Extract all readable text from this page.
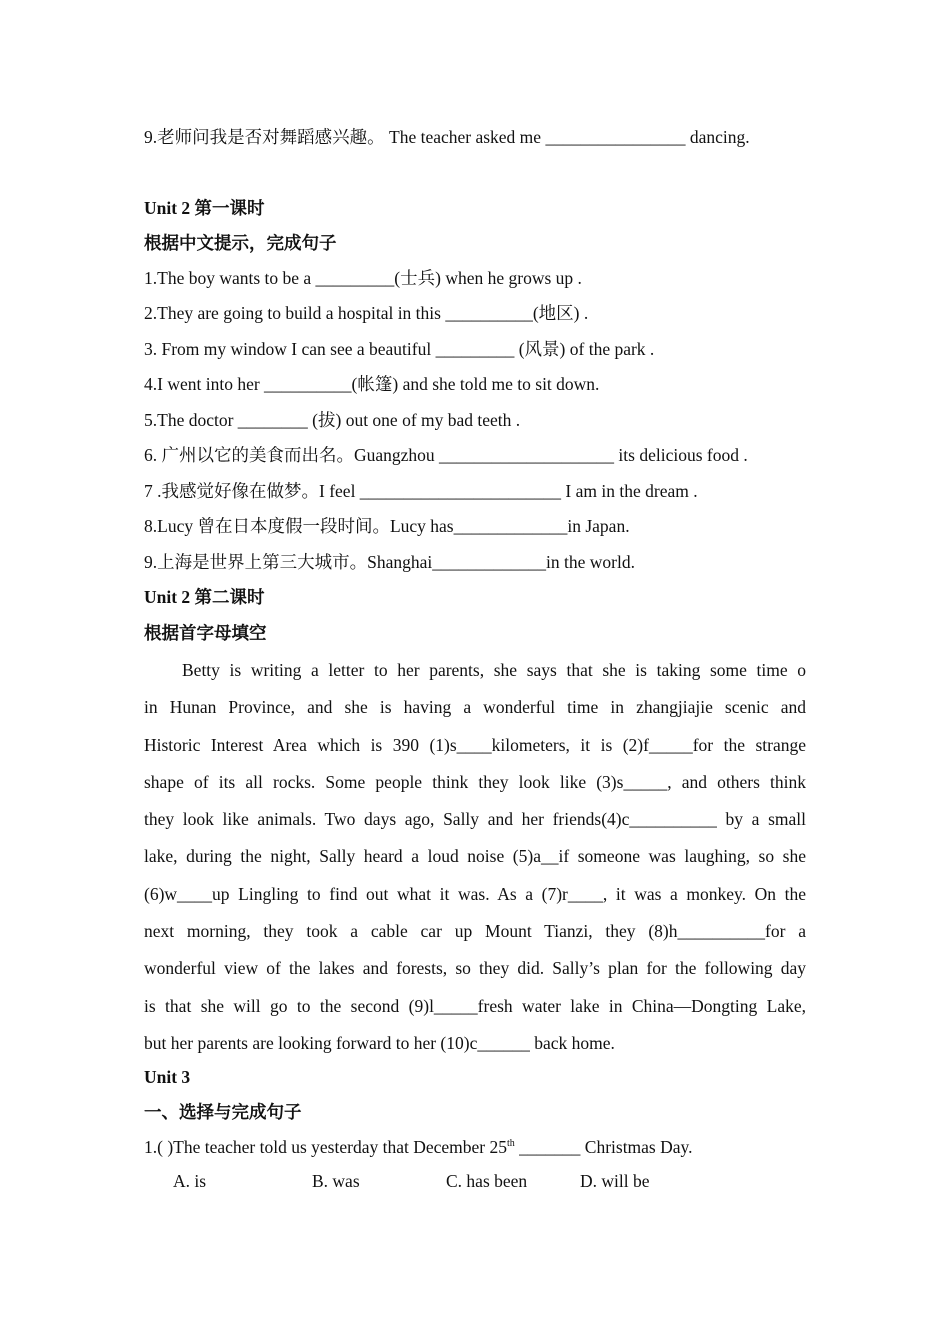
9.老师问我是否对舞蹈感兴趣。 The teacher asked me ________________ dancing.
Unit 2 第一课时
根据中文提示，完成句子
1.The boy wants to be a _________(士兵) when he grows up .
2.They are going to build a hospital in this __________(地区) .
3. From my window I can see a beautiful _________ (风景) of the park .
4.I went into her __________(帐篷) and she told me to sit down.
5.The doctor ________ (拔) out one of my bad teeth .
6. 广州以它的美食而出名。Guangzhou ____________________ its delicious food .
7 .我感觉好像在做梦。I feel _______________________ I am in the dream .
8.Lucy 曾在日本度假一段时间。Lucy has_____________in Japan.
9.上海是世界上第三大城市。Shanghai_____________in the world.
Unit 2 第二课时
根据首字母填空
Betty is writing a letter to her parents, she says that she is taking some time o
in Hunan Province, and she is having a wonderful time in zhangjiajie scenic and
Historic Interest Area which is 390 (1)s____kilometers, it is (2)f_____for the strange
shape of its all rocks. Some people think they look like (3)s_____, and others think
they look like animals. Two days ago, Sally and her friends(4)c__________ by a small
lake, during the night, Sally heard a loud noise (5)a__if someone was laughing, so she
(6)w____up Lingling to find out what it was. As a (7)r____, it was a monkey. On the
next morning, they took a cable car up Mount Tianzi, they (8)h__________for a
wonderful view of the lakes and forests, so they did. Sally’s plan for the following day
is that she will go to the second (9)l_____fresh water lake in China—Dongting Lake,
but her parents are looking forward to her (10)c______ back home.
Unit 3
一、选择与完成句子
1.( )The teacher told us yesterday that December 25th _______ Christmas Day.
A. is	B. was	C. has been	D. will be
